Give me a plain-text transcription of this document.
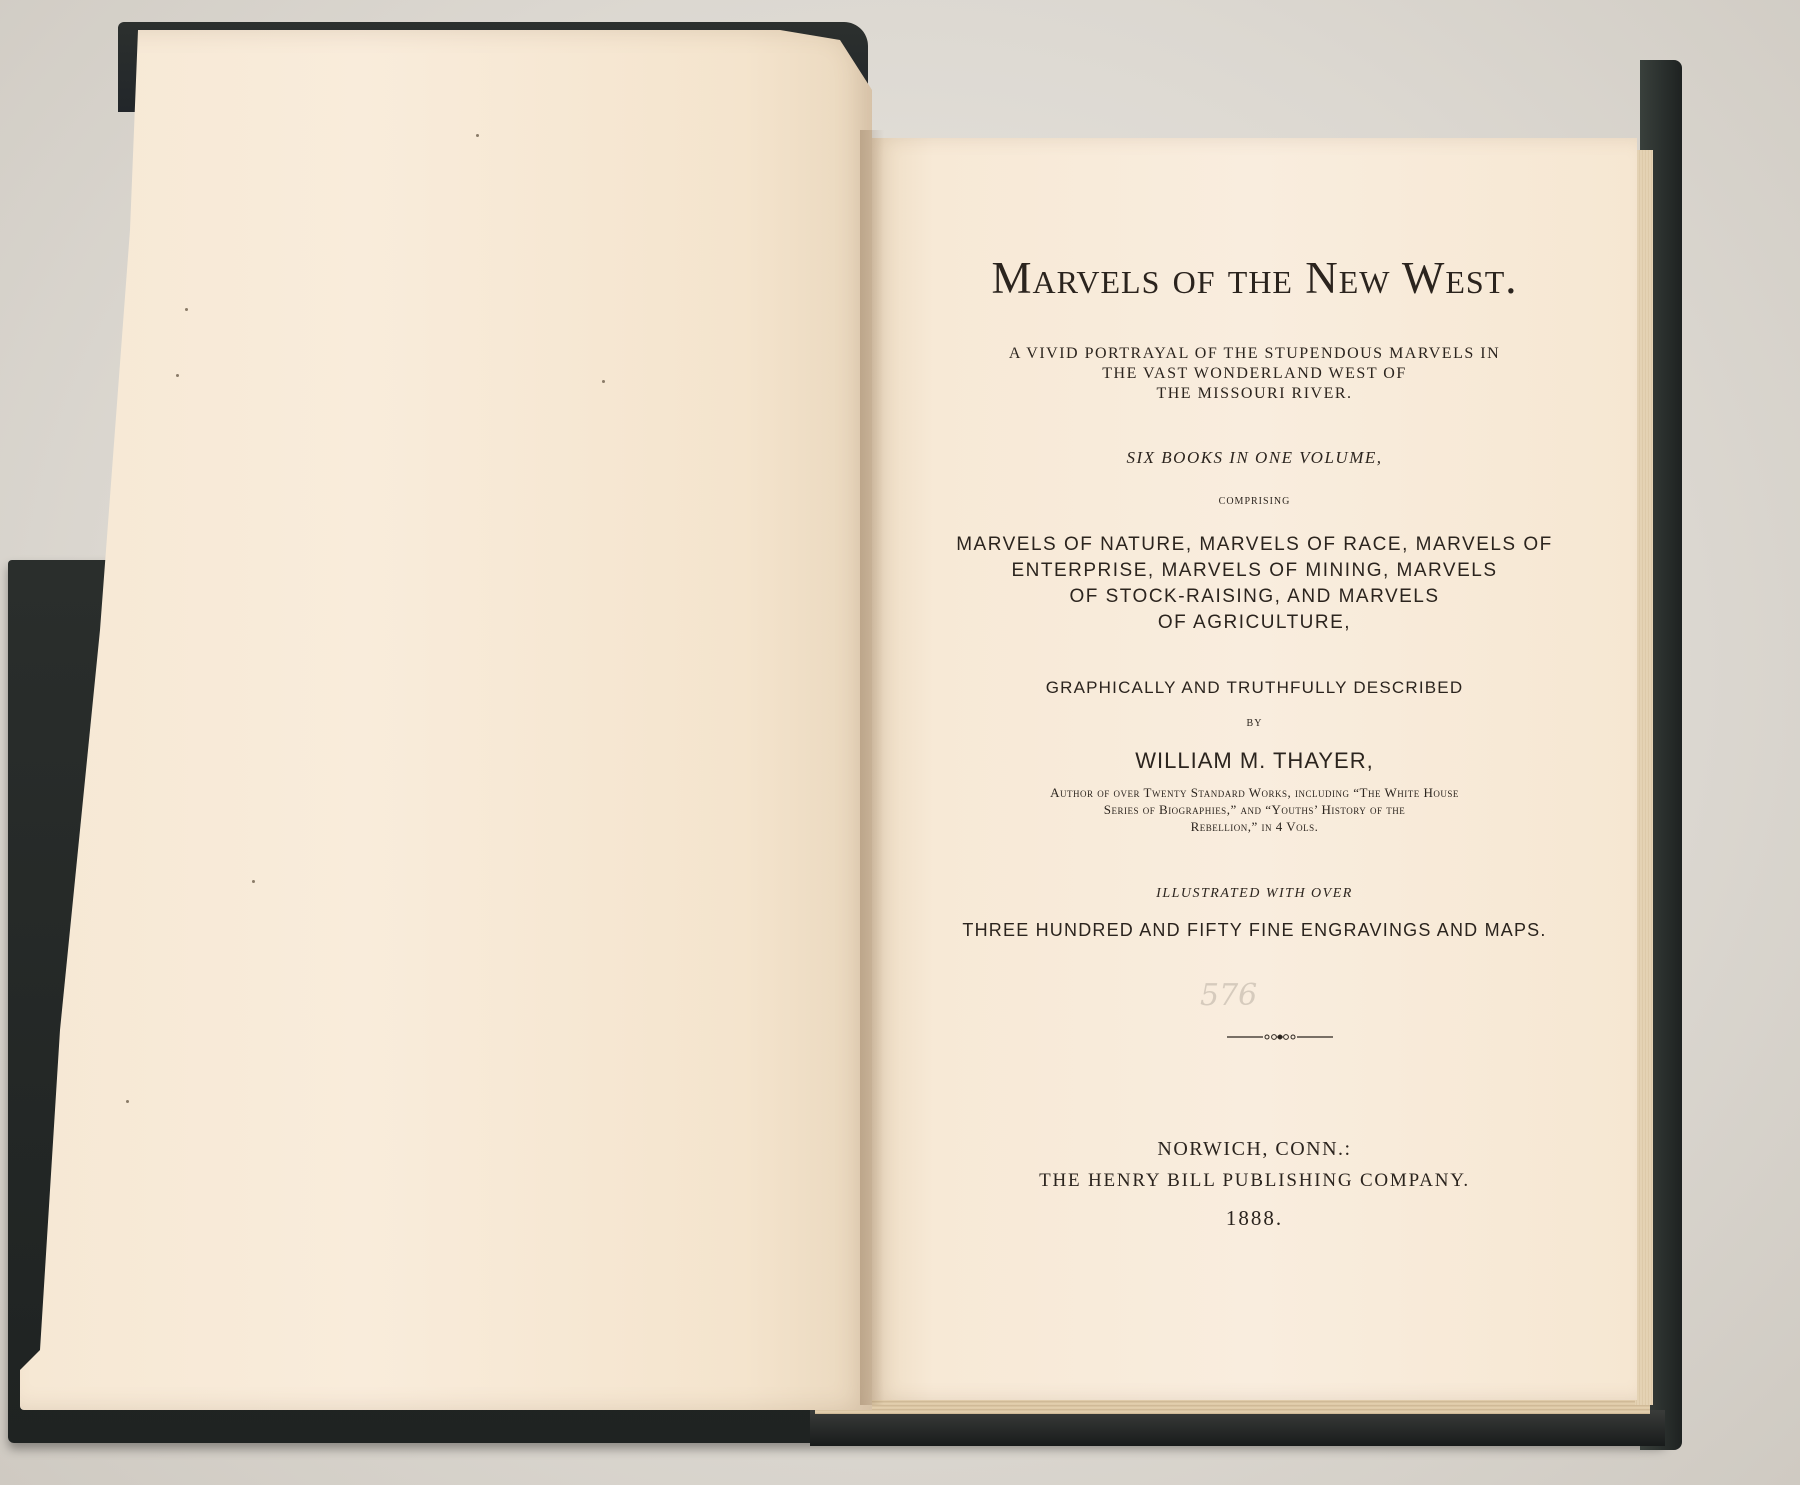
Marvels of the New West.
A VIVID PORTRAYAL OF THE STUPENDOUS MARVELS IN
THE VAST WONDERLAND WEST OF
THE MISSOURI RIVER.
SIX BOOKS IN ONE VOLUME,
COMPRISING
MARVELS OF NATURE, MARVELS OF RACE, MARVELS OF
ENTERPRISE, MARVELS OF MINING, MARVELS
OF STOCK-RAISING, AND MARVELS
OF AGRICULTURE,
GRAPHICALLY AND TRUTHFULLY DESCRIBED
BY
WILLIAM M. THAYER,
Author of over Twenty Standard Works, including “The White House
Series of Biographies,” and “Youths’ History of the
Rebellion,” in 4 Vols.
ILLUSTRATED WITH OVER
THREE HUNDRED AND FIFTY FINE ENGRAVINGS AND MAPS.
576
NORWICH, CONN.:
THE HENRY BILL PUBLISHING COMPANY.
1888.
